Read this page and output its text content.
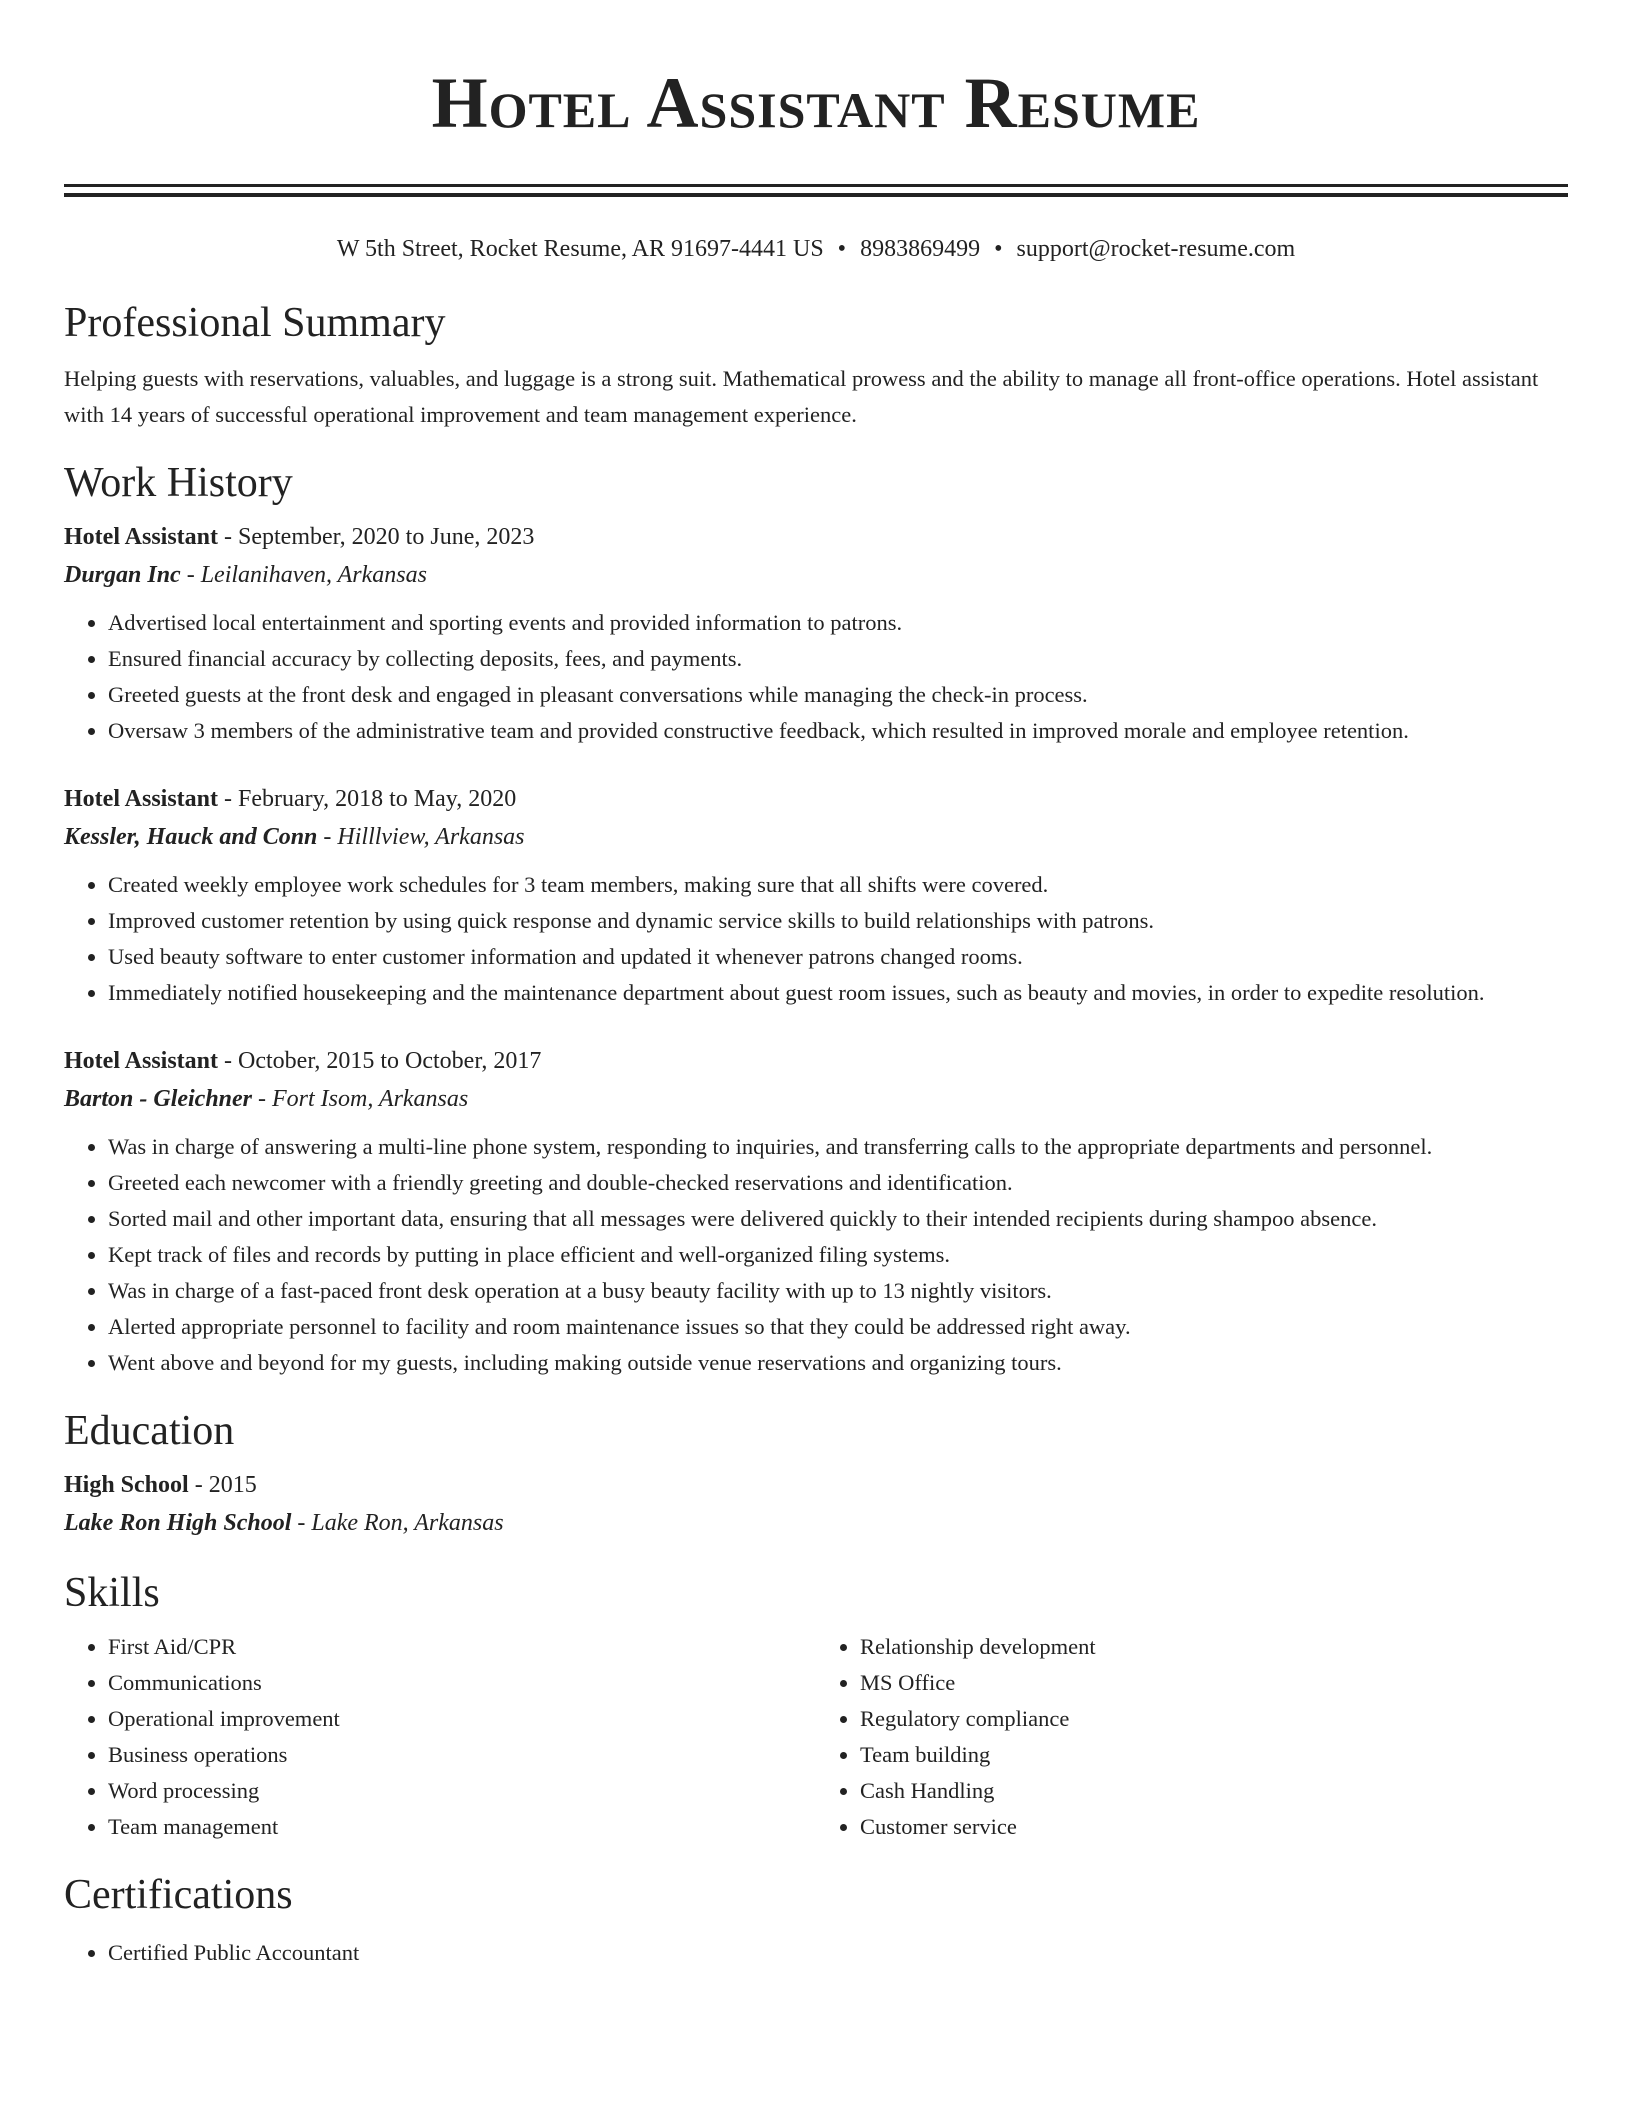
Hotel Assistant Resume
W 5th Street, Rocket Resume, AR 91697-4441 US • 8983869499 • support@rocket-resume.com
Professional Summary

Helping guests with reservations, valuables, and luggage is a strong suit. Mathematical prowess and the ability to manage all front-office operations. Hotel assistant with 14 years of successful operational improvement and team management experience.

Work History
Hotel Assistant - September, 2020 to June, 2023
Durgan Inc - Leilanihaven, Arkansas
• Advertised local entertainment and sporting events and provided information to patrons.
• Ensured financial accuracy by collecting deposits, fees, and payments.
• Greeted guests at the front desk and engaged in pleasant conversations while managing the check-in process.
• Oversaw 3 members of the administrative team and provided constructive feedback, which resulted in improved morale and employee retention.
Hotel Assistant - February, 2018 to May, 2020
Kessler, Hauck and Conn - Hilllview, Arkansas
• Created weekly employee work schedules for 3 team members, making sure that all shifts were covered.
• Improved customer retention by using quick response and dynamic service skills to build relationships with patrons.
• Used beauty software to enter customer information and updated it whenever patrons changed rooms.
• Immediately notified housekeeping and the maintenance department about guest room issues, such as beauty and movies, in order to expedite resolution.
Hotel Assistant - October, 2015 to October, 2017
Barton - Gleichner - Fort Isom, Arkansas
• Was in charge of answering a multi-line phone system, responding to inquiries, and transferring calls to the appropriate departments and personnel.
• Greeted each newcomer with a friendly greeting and double-checked reservations and identification.
• Sorted mail and other important data, ensuring that all messages were delivered quickly to their intended recipients during shampoo absence.
• Kept track of files and records by putting in place efficient and well-organized filing systems.
• Was in charge of a fast-paced front desk operation at a busy beauty facility with up to 13 nightly visitors.
• Alerted appropriate personnel to facility and room maintenance issues so that they could be addressed right away.
• Went above and beyond for my guests, including making outside venue reservations and organizing tours.
Education
High School - 2015
Lake Ron High School - Lake Ron, Arkansas
Skills
• First Aid/CPR
• Communications
• Operational improvement
• Business operations
• Word processing
• Team management
• Relationship development
• MS Office
• Regulatory compliance
• Team building
• Cash Handling
• Customer service
Certifications
• Certified Public Accountant
